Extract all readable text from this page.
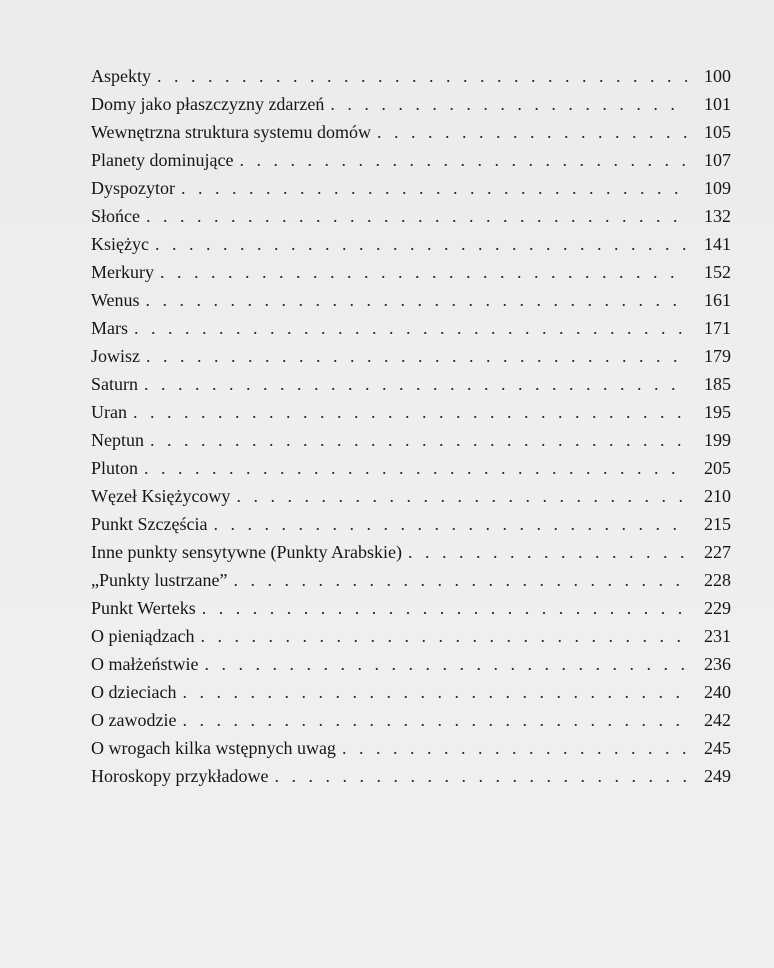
Aspekty . . .	100
Domy jako płaszczyzny zdarzeń . . .	101
Wewnętrzna struktura systemu domów . . .	105
Planety dominujące . . .	107
Dyspozytor . . .	109
Słońce . . .	132
Księżyc . . .	141
Merkury . . .	152
Wenus . . .	161
Mars . . .	171
Jowisz . . .	179
Saturn . . .	185
Uran . . .	195
Neptun . . .	199
Pluton . . .	205
Węzeł Księżycowy . . .	210
Punkt Szczęścia . . .	215
Inne punkty sensytywne (Punkty Arabskie) . . .	227
„Punkty lustrzane” . . .	228
Punkt Werteks . . .	229
O pieniądzach . . .	231
O małżeństwie . . .	236
O dzieciach . . .	240
O zawodzie . . .	242
O wrogach kilka wstępnych uwag . . .	245
Horoskopy przykładowe . . .	249
